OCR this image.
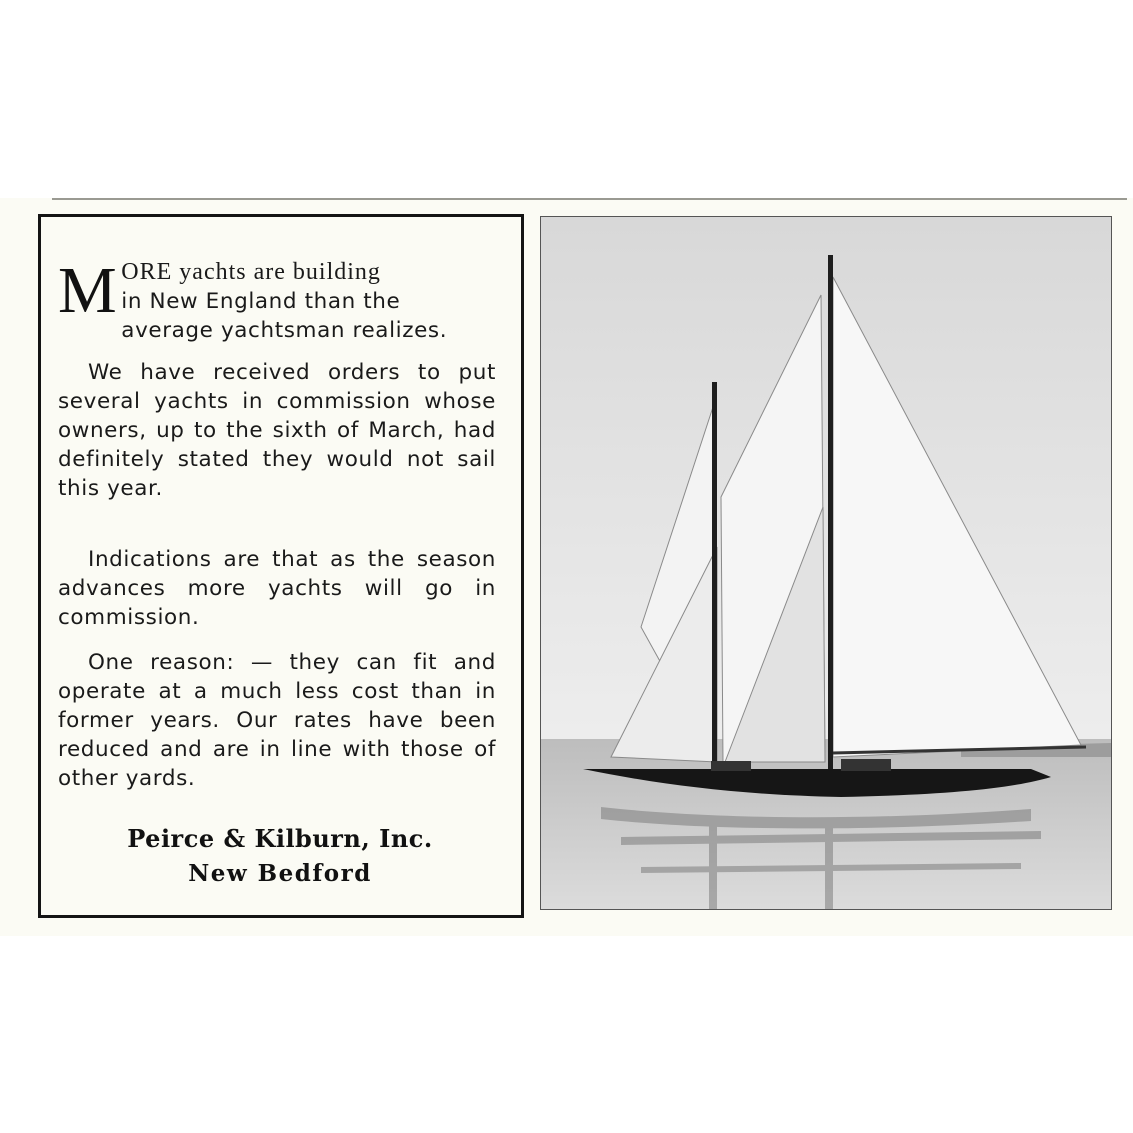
M ORE yachts are building
in New England than the
average yachtsman realizes.

We have received orders to put several yachts in commission whose owners, up to the sixth of March, had definitely stated they would not sail this year.

Indications are that as the season advances more yachts will go in commission.

One reason: — they can fit and operate at a much less cost than in former years. Our rates have been reduced and are in line with those of other yards.

Peirce & Kilburn, Inc.
New Bedford
